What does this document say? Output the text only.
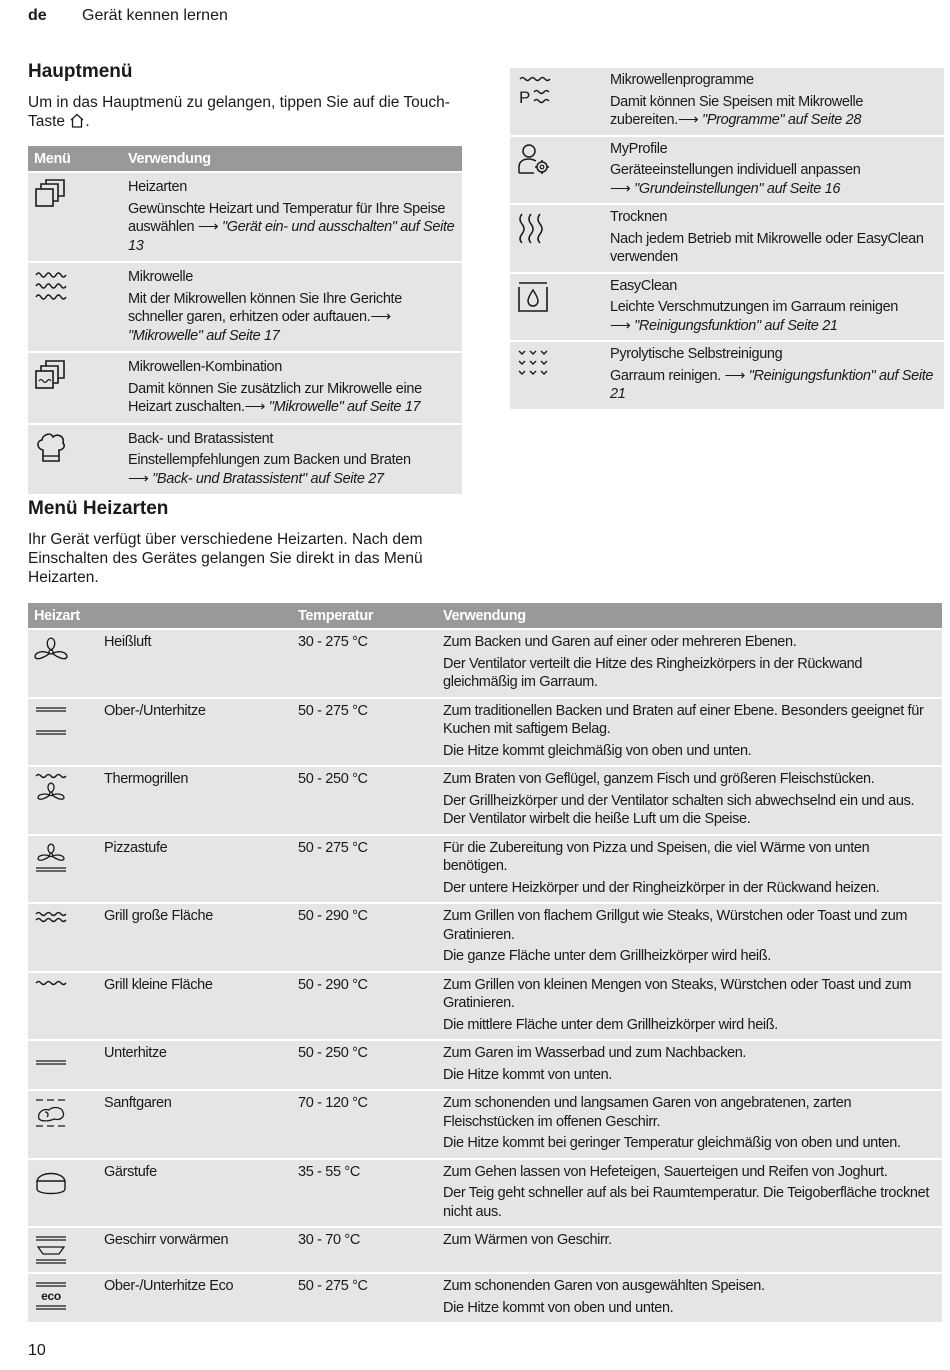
de Gerät kennen lernen
Hauptmenü
Um in das Hauptmenü zu gelangen, tippen Sie auf die Touch-Taste .
Menü	Verwendung

Heizarten
Gewünschte Heizart und Temperatur für Ihre Speise auswählen ⟶ "Gerät ein- und ausschalten" auf Seite 13

Mikrowelle
Mit der Mikrowellen können Sie Ihre Gerichte schneller garen, erhitzen oder auftauen.⟶ "Mikrowelle" auf Seite 17

Mikrowellen-Kombination
Damit können Sie zusätzlich zur Mikrowelle eine Heizart zuschalten.⟶ "Mikrowelle" auf Seite 17

Back- und Bratassistent
Einstellempfehlungen zum Backen und Braten
⟶ "Back- und Bratassistent" auf Seite 27
P	Mikrowellenprogramme
Damit können Sie Speisen mit Mikrowelle zubereiten.⟶ "Programme" auf Seite 28

MyProfile
Geräteeinstellungen individuell anpassen
⟶ "Grundeinstellungen" auf Seite 16

Trocknen
Nach jedem Betrieb mit Mikrowelle oder EasyClean verwenden

EasyClean
Leichte Verschmutzungen im Garraum reinigen
⟶ "Reinigungsfunktion" auf Seite 21

Pyrolytische Selbstreinigung
Garraum reinigen. ⟶ "Reinigungsfunktion" auf Seite 21
Menü Heizarten
Ihr Gerät verfügt über verschiedene Heizarten. Nach dem Einschalten des Gerätes gelangen Sie direkt in das Menü Heizarten.
Heizart		Temperatur	Verwendung

	Heißluft	30 - 275 °C	Zum Backen und Garen auf einer oder mehreren Ebenen.
Der Ventilator verteilt die Hitze des Ringheizkörpers in der Rückwand gleichmäßig im Garraum.

	Ober-/Unterhitze	50 - 275 °C	Zum traditionellen Backen und Braten auf einer Ebene. Besonders geeignet für Kuchen mit saftigem Belag.
Die Hitze kommt gleichmäßig von oben und unten.

	Thermogrillen	50 - 250 °C	Zum Braten von Geflügel, ganzem Fisch und größeren Fleischstücken.
Der Grillheizkörper und der Ventilator schalten sich abwechselnd ein und aus. Der Ventilator wirbelt die heiße Luft um die Speise.

	Pizzastufe	50 - 275 °C	Für die Zubereitung von Pizza und Speisen, die viel Wärme von unten benötigen.
Der untere Heizkörper und der Ringheizkörper in der Rückwand heizen.

	Grill große Fläche	50 - 290 °C	Zum Grillen von flachem Grillgut wie Steaks, Würstchen oder Toast und zum Gratinieren.
Die ganze Fläche unter dem Grillheizkörper wird heiß.

	Grill kleine Fläche	50 - 290 °C	Zum Grillen von kleinen Mengen von Steaks, Würstchen oder Toast und zum Gratinieren.
Die mittlere Fläche unter dem Grillheizkörper wird heiß.

	Unterhitze	50 - 250 °C	Zum Garen im Wasserbad und zum Nachbacken.
Die Hitze kommt von unten.

	Sanftgaren	70 - 120 °C	Zum schonenden und langsamen Garen von angebratenen, zarten Fleischstücken im offenen Geschirr.
Die Hitze kommt bei geringer Temperatur gleichmäßig von oben und unten.

	Gärstufe	35 - 55 °C	Zum Gehen lassen von Hefeteigen, Sauerteigen und Reifen von Joghurt.
Der Teig geht schneller auf als bei Raumtemperatur. Die Teigoberfläche trocknet nicht aus.

	Geschirr vorwärmen	30 - 70 °C	Zum Wärmen von Geschirr.

eco	Ober-/Unterhitze Eco	50 - 275 °C	Zum schonenden Garen von ausgewählten Speisen.
Die Hitze kommt von oben und unten.
10
